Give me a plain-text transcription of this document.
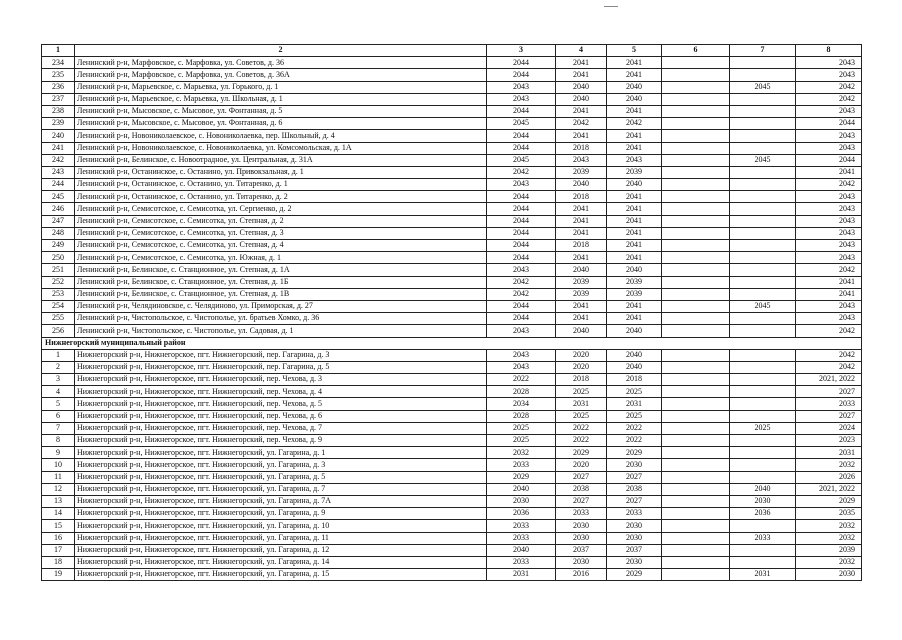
1	2	3	4	5	6	7	8
234	Ленинский р-н, Марфовское, с. Марфовка, ул. Советов, д. 36	2044	2041	2041			2043
235	Ленинский р-н, Марфовское, с. Марфовка, ул. Советов, д. 36А	2044	2041	2041			2043
236	Ленинский р-н, Марьевское, с. Марьевка, ул. Горького, д. 1	2043	2040	2040		2045	2042
237	Ленинский р-н, Марьевское, с. Марьевка, ул. Школьная, д. 1	2043	2040	2040			2042
238	Ленинский р-н, Мысовское, с. Мысовое, ул. Фонтанная, д. 5	2044	2041	2041			2043
239	Ленинский р-н, Мысовское, с. Мысовое, ул. Фонтанная, д. 6	2045	2042	2042			2044
240	Ленинский р-н, Новониколаевское, с. Новониколаевка, пер. Школьный, д. 4	2044	2041	2041			2043
241	Ленинский р-н, Новониколаевское, с. Новониколаевка, ул. Комсомольская, д. 1А	2044	2018	2041			2043
242	Ленинский р-н, Белинское, с. Новоотрадное, ул. Центральная, д. 31А	2045	2043	2043		2045	2044
243	Ленинский р-н, Останинское, с. Останино, ул. Привокзальная, д. 1	2042	2039	2039			2041
244	Ленинский р-н, Останинское, с. Останино, ул. Титаренко, д. 1	2043	2040	2040			2042
245	Ленинский р-н, Останинское, с. Останино, ул. Титаренко, д. 2	2044	2018	2041			2043
246	Ленинский р-н, Семисотское, с. Семисотка, ул. Сергиенко, д. 2	2044	2041	2041			2043
247	Ленинский р-н, Семисотское, с. Семисотка, ул. Степная, д. 2	2044	2041	2041			2043
248	Ленинский р-н, Семисотское, с. Семисотка, ул. Степная, д. 3	2044	2041	2041			2043
249	Ленинский р-н, Семисотское, с. Семисотка, ул. Степная, д. 4	2044	2018	2041			2043
250	Ленинский р-н, Семисотское, с. Семисотка, ул. Южная, д. 1	2044	2041	2041			2043
251	Ленинский р-н, Белинское, с. Станционное, ул. Степная, д. 1А	2043	2040	2040			2042
252	Ленинский р-н, Белинское, с. Станционное, ул. Степная, д. 1Б	2042	2039	2039			2041
253	Ленинский р-н, Белинское, с. Станционное, ул. Степная, д. 1В	2042	2039	2039			2041
254	Ленинский р-н, Челядиновское, с. Челядиново, ул. Приморская, д. 27	2044	2041	2041		2045	2043
255	Ленинский р-н, Чистопольское, с. Чистополье, ул. братьев Хомко, д. 36	2044	2041	2041			2043
256	Ленинский р-н, Чистопольское, с. Чистополье, ул. Садовая, д. 1	2043	2040	2040			2042
Нижнегорский муниципальный район							
1	Нижнегорский р-н, Нижнегорское, пгт. Нижнегорский, пер. Гагарина, д. 3	2043	2020	2040			2042
2	Нижнегорский р-н, Нижнегорское, пгт. Нижнегорский, пер. Гагарина, д. 5	2043	2020	2040			2042
3	Нижнегорский р-н, Нижнегорское, пгт. Нижнегорский, пер. Чехова, д. 3	2022	2018	2018			2021, 2022
4	Нижнегорский р-н, Нижнегорское, пгт. Нижнегорский, пер. Чехова, д. 4	2028	2025	2025			2027
5	Нижнегорский р-н, Нижнегорское, пгт. Нижнегорский, пер. Чехова, д. 5	2034	2031	2031			2033
6	Нижнегорский р-н, Нижнегорское, пгт. Нижнегорский, пер. Чехова, д. 6	2028	2025	2025			2027
7	Нижнегорский р-н, Нижнегорское, пгт. Нижнегорский, пер. Чехова, д. 7	2025	2022	2022		2025	2024
8	Нижнегорский р-н, Нижнегорское, пгт. Нижнегорский, пер. Чехова, д. 9	2025	2022	2022			2023
9	Нижнегорский р-н, Нижнегорское, пгт. Нижнегорский, ул. Гагарина, д. 1	2032	2029	2029			2031
10	Нижнегорский р-н, Нижнегорское, пгт. Нижнегорский, ул. Гагарина, д. 3	2033	2020	2030			2032
11	Нижнегорский р-н, Нижнегорское, пгт. Нижнегорский, ул. Гагарина, д. 5	2029	2027	2027			2026
12	Нижнегорский р-н, Нижнегорское, пгт. Нижнегорский, ул. Гагарина, д. 7	2040	2038	2038		2040	2021, 2022
13	Нижнегорский р-н, Нижнегорское, пгт. Нижнегорский, ул. Гагарина, д. 7А	2030	2027	2027		2030	2029
14	Нижнегорский р-н, Нижнегорское, пгт. Нижнегорский, ул. Гагарина, д. 9	2036	2033	2033		2036	2035
15	Нижнегорский р-н, Нижнегорское, пгт. Нижнегорский, ул. Гагарина, д. 10	2033	2030	2030			2032
16	Нижнегорский р-н, Нижнегорское, пгт. Нижнегорский, ул. Гагарина, д. 11	2033	2030	2030		2033	2032
17	Нижнегорский р-н, Нижнегорское, пгт. Нижнегорский, ул. Гагарина, д. 12	2040	2037	2037			2039
18	Нижнегорский р-н, Нижнегорское, пгт. Нижнегорский, ул. Гагарина, д. 14	2033	2030	2030			2032
19	Нижнегорский р-н, Нижнегорское, пгт. Нижнегорский, ул. Гагарина, д. 15	2031	2016	2029		2031	2030
